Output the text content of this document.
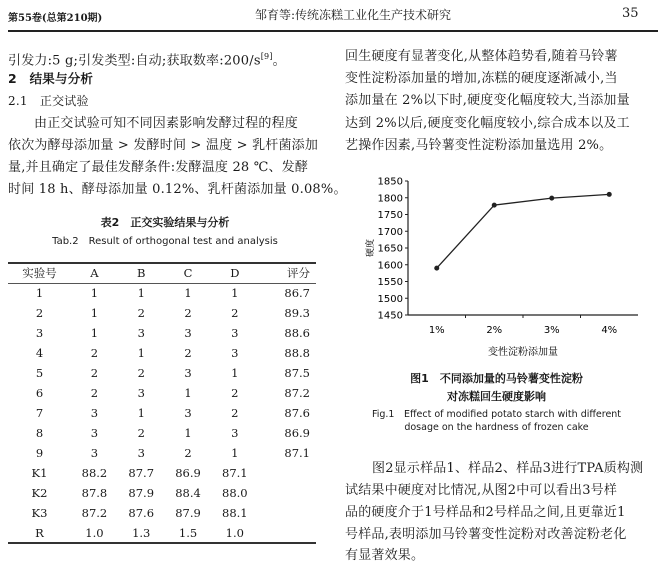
第55卷(总第210期)	邹育等:传统冻糕工业化生产技术研究	35
引发力:5 g;引发类型:自动;获取数率:200/s[9]。
2　结果与分析
2.1　正交试验
由正交试验可知不同因素影响发酵过程的程度
依次为酵母添加量 > 发酵时间 > 温度 > 乳杆菌添加
量,并且确定了最佳发酵条件:发酵温度 28 ℃、发酵
时间 18 h、酵母添加量 0.12%、乳杆菌添加量 0.08%。
表2　正交实验结果与分析
Tab.2　Result of orthogonal test and analysis
实验号	A	B	C	D	评分
1	1	1	1	1	86.7
2	1	2	2	2	89.3
3	1	3	3	3	88.6
4	2	1	2	3	88.8
5	2	2	3	1	87.5
6	2	3	1	2	87.2
7	3	1	3	2	87.6
8	3	2	1	3	86.9
9	3	3	2	1	87.1
K1	88.2	87.7	86.9	87.1	
K2	87.8	87.9	88.4	88.0	
K3	87.2	87.6	87.9	88.1	
R	1.0	1.3	1.5	1.0	
回生硬度有显著变化,从整体趋势看,随着马铃薯
变性淀粉添加量的增加,冻糕的硬度逐渐减小,当
添加量在 2%以下时,硬度变化幅度较大,当添加量
达到 2%以后,硬度变化幅度较小,综合成本以及工
艺操作因素,马铃薯变性淀粉添加量选用 2%。
1450
1500
1550
1600
1650
1700
1750
1800
1850
1%	2%	3%	4%
变性淀粉添加量
硬度
图1　不同添加量的马铃薯变性淀粉
对冻糕回生硬度影响
Fig.1　Effect of modified potato starch with different
dosage on the hardness of frozen cake
图2显示样品1、样品2、样品3进行TPA质构测
试结果中硬度对比情况,从图2中可以看出3号样
品的硬度介于1号样品和2号样品之间,且更靠近1
号样品,表明添加马铃薯变性淀粉对改善淀粉老化
有显著效果。
